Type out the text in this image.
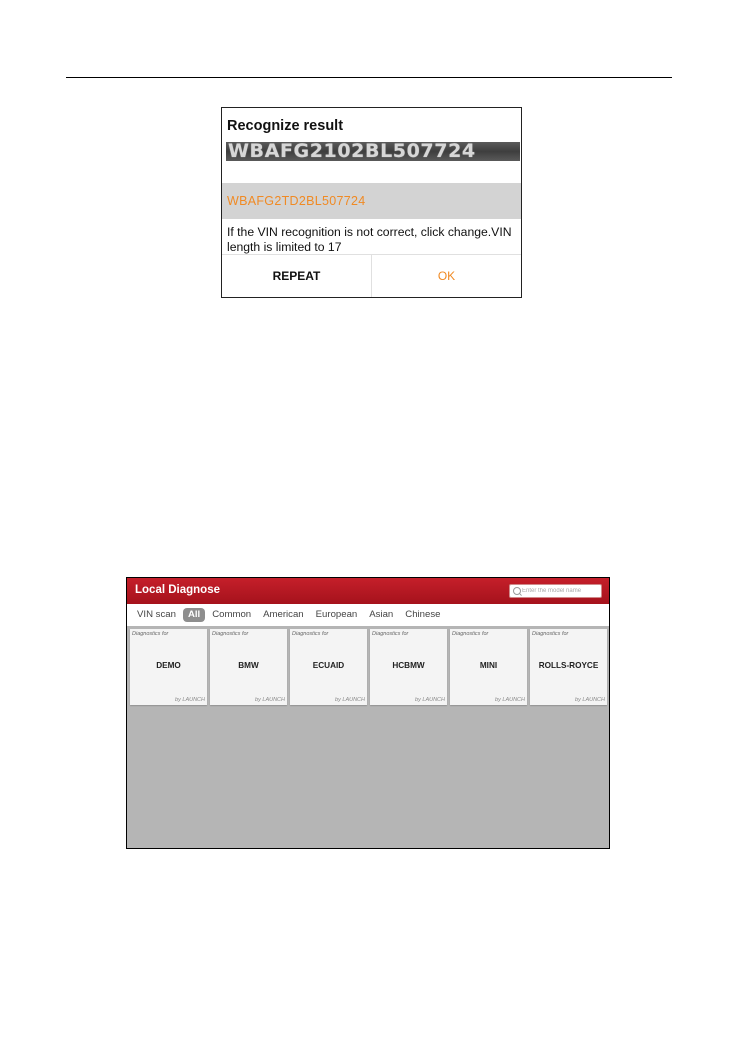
Recognize result
WBAFG2102BL507724
WBAFG2TD2BL507724
If the VIN recognition is not correct, click change.VIN length is limited to 17
REPEAT	OK
Local Diagnose
Enter the model name
VIN scan	All	Common	American	European	Asian	Chinese
Diagnostics for
DEMO
by LAUNCH
Diagnostics for
BMW
by LAUNCH
Diagnostics for
ECUAID
by LAUNCH
Diagnostics for
HCBMW
by LAUNCH
Diagnostics for
MINI
by LAUNCH
Diagnostics for
ROLLS-ROYCE
by LAUNCH
